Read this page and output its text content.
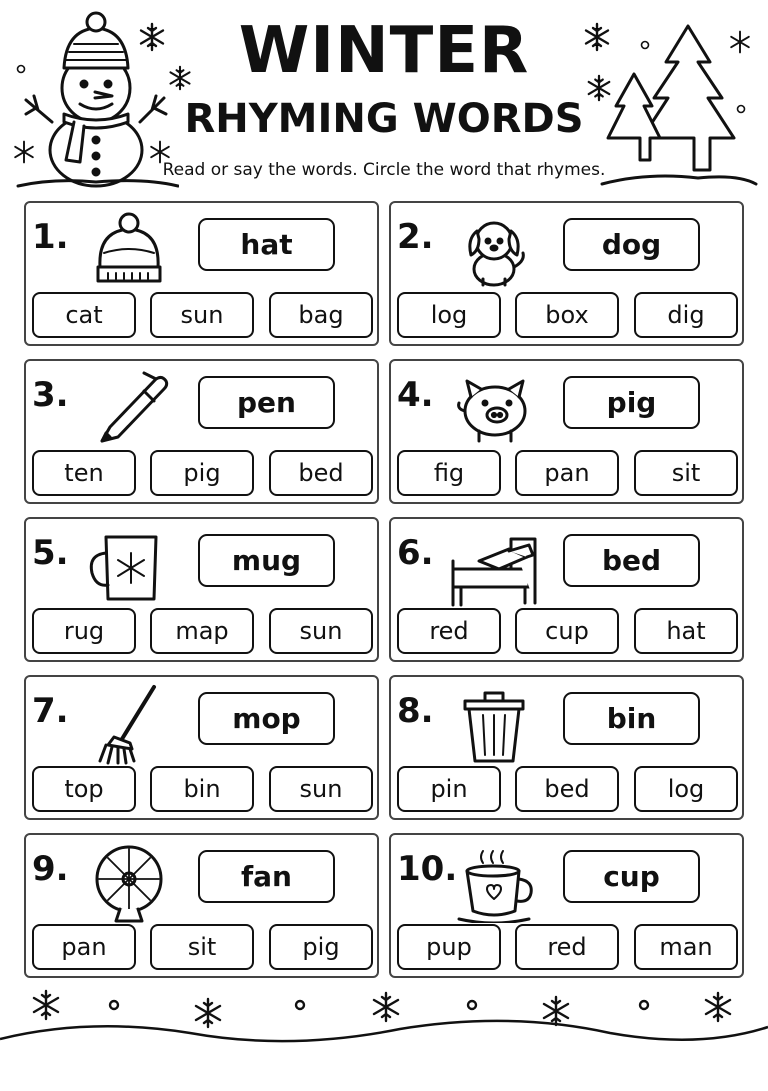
WINTER
RHYMING WORDS
Read or say the words. Circle the word that rhymes.
1.	hat
cat	sun	bag
2.	dog
log	box	dig
3.	pen
ten	pig	bed
4.	pig
fig	pan	sit
5.	mug
rug	map	sun
6.	bed
red	cup	hat
7.	mop
top	bin	sun
8.	bin
pin	bed	log
9.	fan
pan	sit	pig
10.	cup
pup	red	man
